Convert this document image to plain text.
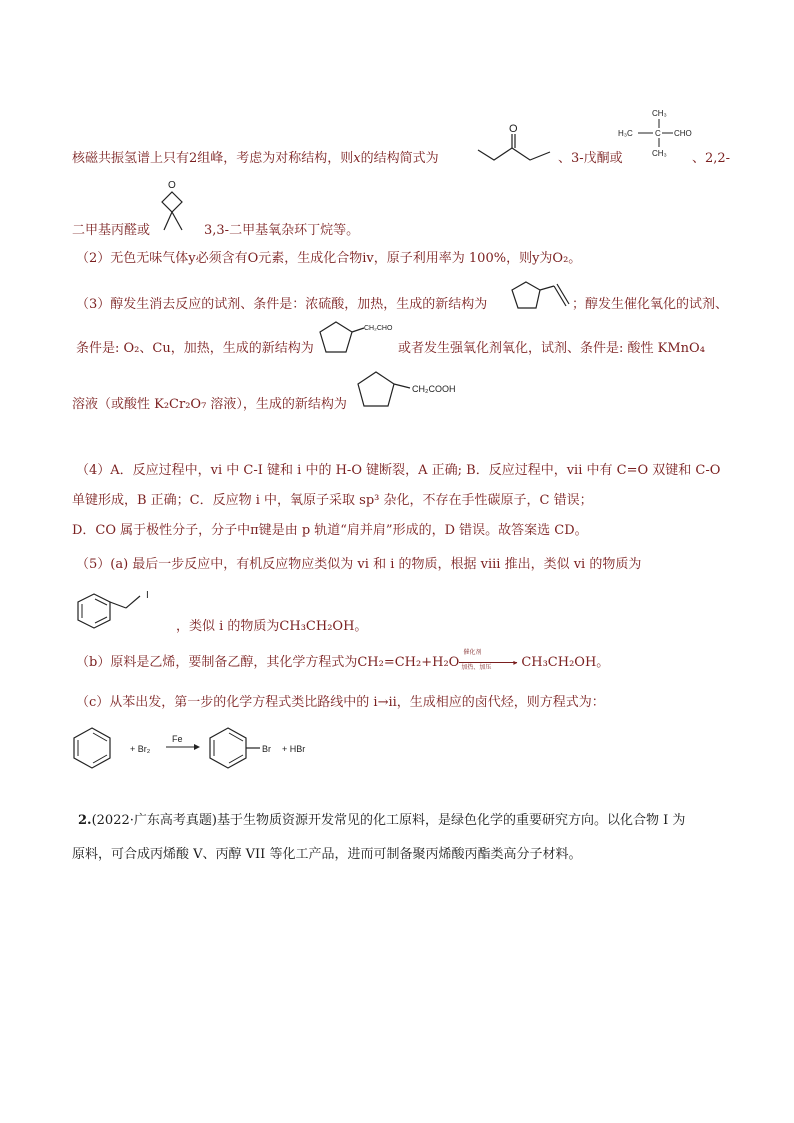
核磁共振氢谱上只有2组峰，考虑为对称结构，则x的结构简式为
O
、3-戊酮或
CH₃
H₃C	C CHO
CH₃ 、2,2-
二甲基丙醛或
O
3,3-二甲基氧杂环丁烷等。
（2）无色无味气体y必须含有O元素，生成化合物iv，原子利用率为 100%，则y为O₂。
（3）醇发生消去反应的试剂、条件是：浓硫酸，加热，生成的新结构为	；醇发生催化氧化的试剂、
条件是: O₂、Cu，加热，生成的新结构为
CH₂CHO
或者发生强氧化剂氧化，试剂、条件是: 酸性 KMnO₄
溶液（或酸性 K₂Cr₂O₇ 溶液），生成的新结构为
CH₂COOH
（4）A．反应过程中，vi 中 C-I 键和 i 中的 H-O 键断裂，A 正确; B．反应过程中，vii 中有 C=O 双键和 C-O
单键形成，B 正确；C．反应物 i 中，氧原子采取 sp³ 杂化，不存在手性碳原子，C 错误；
D．CO 属于极性分子，分子中π键是由 p 轨道“肩并肩”形成的，D 错误。故答案选 CD。
（5）(a) 最后一步反应中，有机反应物应类似为 vi 和 i 的物质，根据 viii 推出，类似 vi 的物质为
I
，类似 i 的物质为CH₃CH₂OH。
（b）原料是乙烯，要制备乙醇，其化学方程式为CH₂=CH₂+H₂O
催化剂
▸
加热、加压 CH₃CH₂OH。
（c）从苯出发，第一步的化学方程式类比路线中的 i→ii，生成相应的卤代烃，则方程式为：
+ Br₂
Fe
Br + HBr
2.(2022·广东高考真题)基于生物质资源开发常见的化工原料，是绿色化学的重要研究方向。以化合物 I 为
原料，可合成丙烯酸 V、丙醇 VII 等化工产品，进而可制备聚丙烯酸丙酯类高分子材料。
